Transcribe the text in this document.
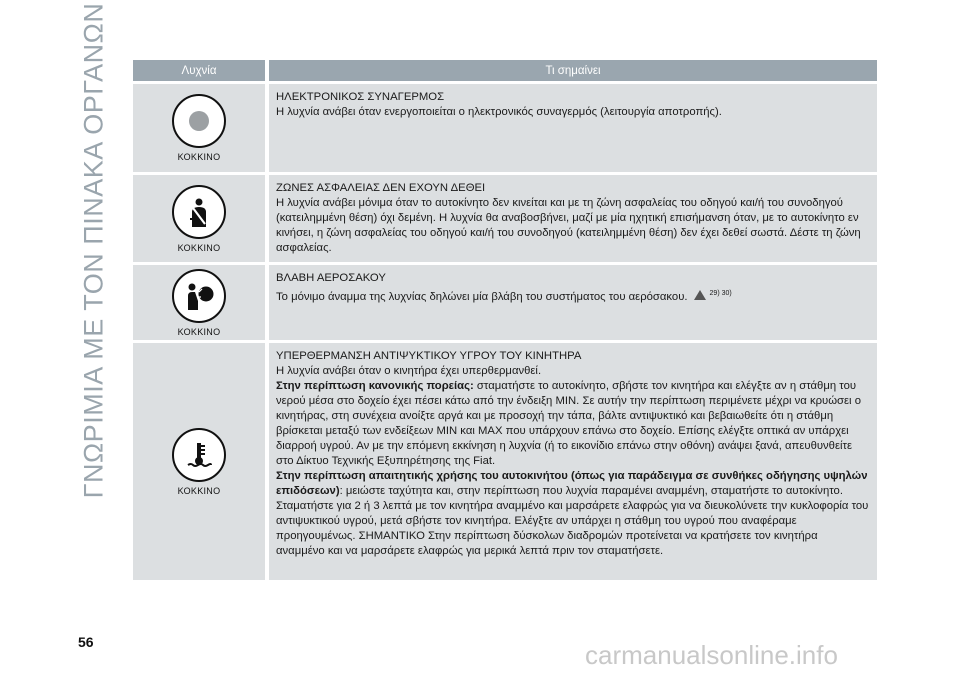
ΓΝΩΡΙΜΙΑ ΜΕ ΤΟΝ ΠΙΝΑΚΑ ΟΡΓΑΝΩΝ	Λυχνία	Τι σημαίνει
ΚΟΚΚΙΝΟ

ΗΛΕΚΤΡΟΝΙΚΟΣ ΣΥΝΑΓΕΡΜΟΣ

Η λυχνία ανάβει όταν ενεργοποιείται ο ηλεκτρονικός συναγερμός (λειτουργία αποτροπής).

ΚΟΚΚΙΝΟ

ΖΩΝΕΣ ΑΣΦΑΛΕΙΑΣ ΔΕΝ ΕΧΟΥΝ ΔΕΘΕΙ

Η λυχνία ανάβει μόνιμα όταν το αυτοκίνητο δεν κινείται και με τη ζώνη ασφαλείας του οδηγού και/ή του συνοδηγού (κατειλημμένη θέση) όχι δεμένη. Η λυχνία θα αναβοσβήνει, μαζί με μία ηχητική επισήμανση όταν, με το αυτοκίνητο εν κινήσει, η ζώνη ασφαλείας του οδηγού και/ή του συνοδηγού (κατειλημμένη θέση) δεν έχει δεθεί σωστά. Δέστε τη ζώνη ασφαλείας.

ΚΟΚΚΙΝΟ

ΒΛΑΒΗ ΑΕΡΟΣΑΚΟΥ

Το μόνιμο άναμμα της λυχνίας δηλώνει μία βλάβη του συστήματος του αερόσακου.	$^{29) 30)}$

ΚΟΚΚΙΝΟ

ΥΠΕΡΘΕΡΜΑΝΣΗ ΑΝΤΙΨΥΚΤΙΚΟΥ ΥΓΡΟΥ ΤΟΥ ΚΙΝΗΤΗΡΑ

Η λυχνία ανάβει όταν ο κινητήρα έχει υπερθερμανθεί.

Στην περίπτωση κανονικής πορείας: σταματήστε το αυτοκίνητο, σβήστε τον κινητήρα και ελέγξτε αν η στάθμη του νερού μέσα στο δοχείο έχει πέσει κάτω από την ένδειξη MIN. Σε αυτήν την περίπτωση περιμένετε μέχρι να κρυώσει ο κινητήρας, στη συνέχεια ανοίξτε αργά και με προσοχή την τάπα, βάλτε αντιψυκτικό και βεβαιωθείτε ότι η στάθμη βρίσκεται μεταξύ των ενδείξεων MIN και MAX που υπάρχουν επάνω στο δοχείο. Επίσης ελέγξτε οπτικά αν υπάρχει διαρροή υγρού. Αν με την επόμενη εκκίνηση η λυχνία (ή το εικονίδιο επάνω στην οθόνη) ανάψει ξανά, απευθυνθείτε στο Δίκτυο Τεχνικής Εξυπηρέτησης της Fiat.

Στην περίπτωση απαιτητικής χρήσης του αυτοκινήτου (όπως για παράδειγμα σε συνθήκες οδήγησης υψηλών επιδόσεων): μειώστε ταχύτητα και, στην περίπτωση που λυχνία παραμένει αναμμένη, σταματήστε το αυτοκίνητο. Σταματήστε για 2 ή 3 λεπτά με τον κινητήρα αναμμένο και μαρσάρετε ελαφρώς για να διευκολύνετε την κυκλοφορία του αντιψυκτικού υγρού, μετά σβήστε τον κινητήρα. Ελέγξτε αν υπάρχει η στάθμη του υγρού που αναφέραμε προηγουμένως. ΣΗΜΑΝΤΙΚΟ Στην περίπτωση δύσκολων διαδρομών προτείνεται να κρατήσετε τον κινητήρα αναμμένο και να μαρσάρετε ελαφρώς για μερικά λεπτά πριν τον σταματήσετε.

56	carmanualsonline.info
